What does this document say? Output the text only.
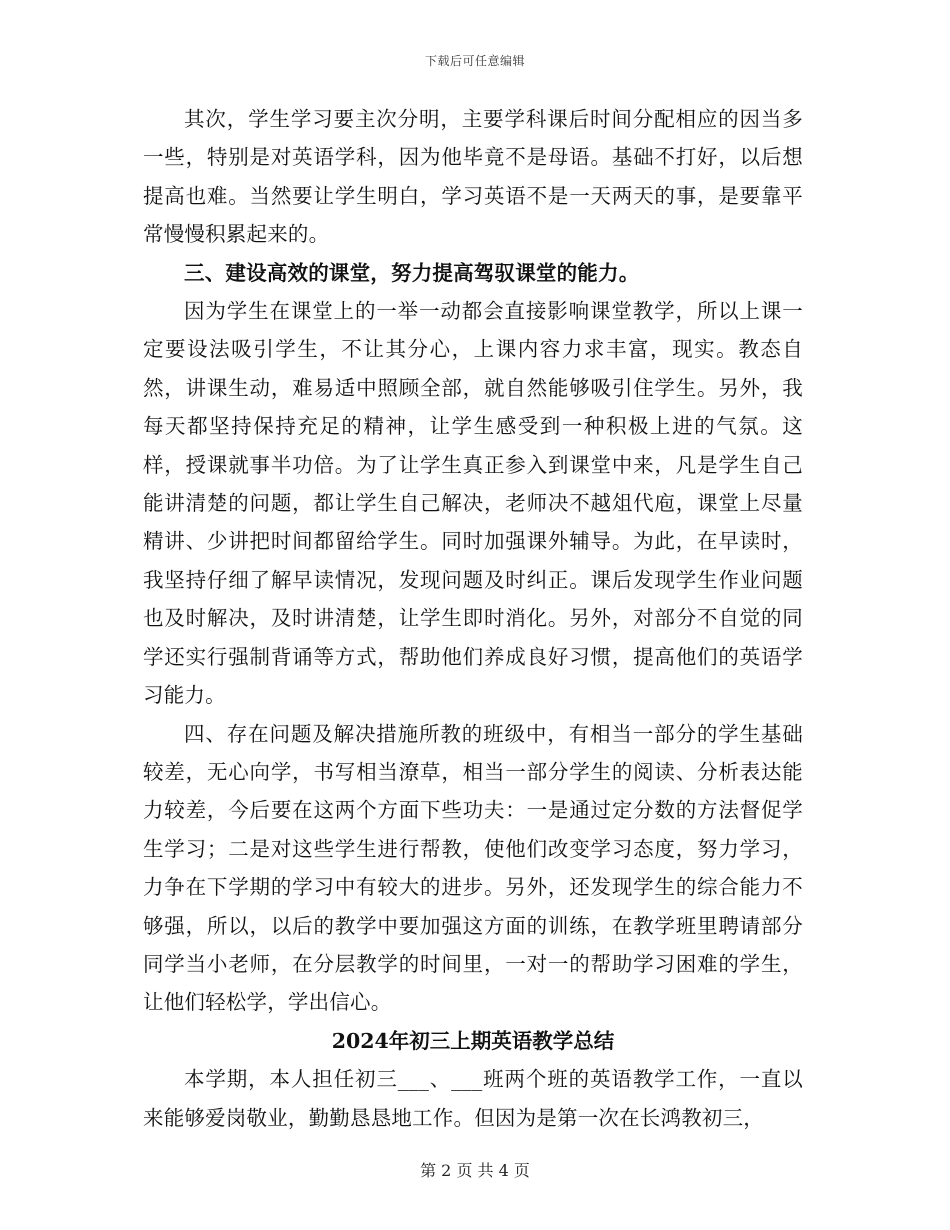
下载后可任意编辑

其次，学生学习要主次分明，主要学科课后时间分配相应的因当多一些，特别是对英语学科，因为他毕竟不是母语。基础不打好，以后想提高也难。当然要让学生明白，学习英语不是一天两天的事，是要靠平常慢慢积累起来的。

三、建设高效的课堂，努力提高驾驭课堂的能力。

因为学生在课堂上的一举一动都会直接影响课堂教学，所以上课一定要设法吸引学生，不让其分心，上课内容力求丰富，现实。教态自然，讲课生动，难易适中照顾全部，就自然能够吸引住学生。另外，我每天都坚持保持充足的精神，让学生感受到一种积极上进的气氛。这样，授课就事半功倍。为了让学生真正参入到课堂中来，凡是学生自己能讲清楚的问题，都让学生自己解决，老师决不越俎代庖，课堂上尽量精讲、少讲把时间都留给学生。同时加强课外辅导。为此，在早读时，我坚持仔细了解早读情况，发现问题及时纠正。课后发现学生作业问题也及时解决，及时讲清楚，让学生即时消化。另外，对部分不自觉的同学还实行强制背诵等方式，帮助他们养成良好习惯，提高他们的英语学习能力。

四、存在问题及解决措施所教的班级中，有相当一部分的学生基础较差，无心向学，书写相当潦草，相当一部分学生的阅读、分析表达能力较差，今后要在这两个方面下些功夫：一是通过定分数的方法督促学生学习；二是对这些学生进行帮教，使他们改变学习态度，努力学习，力争在下学期的学习中有较大的进步。另外，还发现学生的综合能力不够强，所以，以后的教学中要加强这方面的训练，在教学班里聘请部分同学当小老师，在分层教学的时间里，一对一的帮助学习困难的学生，让他们轻松学，学出信心。

2024年初三上期英语教学总结

本学期，本人担任初三___、___班两个班的英语教学工作，一直以来能够爱岗敬业，勤勤恳恳地工作。但因为是第一次在长鸿教初三，

第 2 页 共 4 页
